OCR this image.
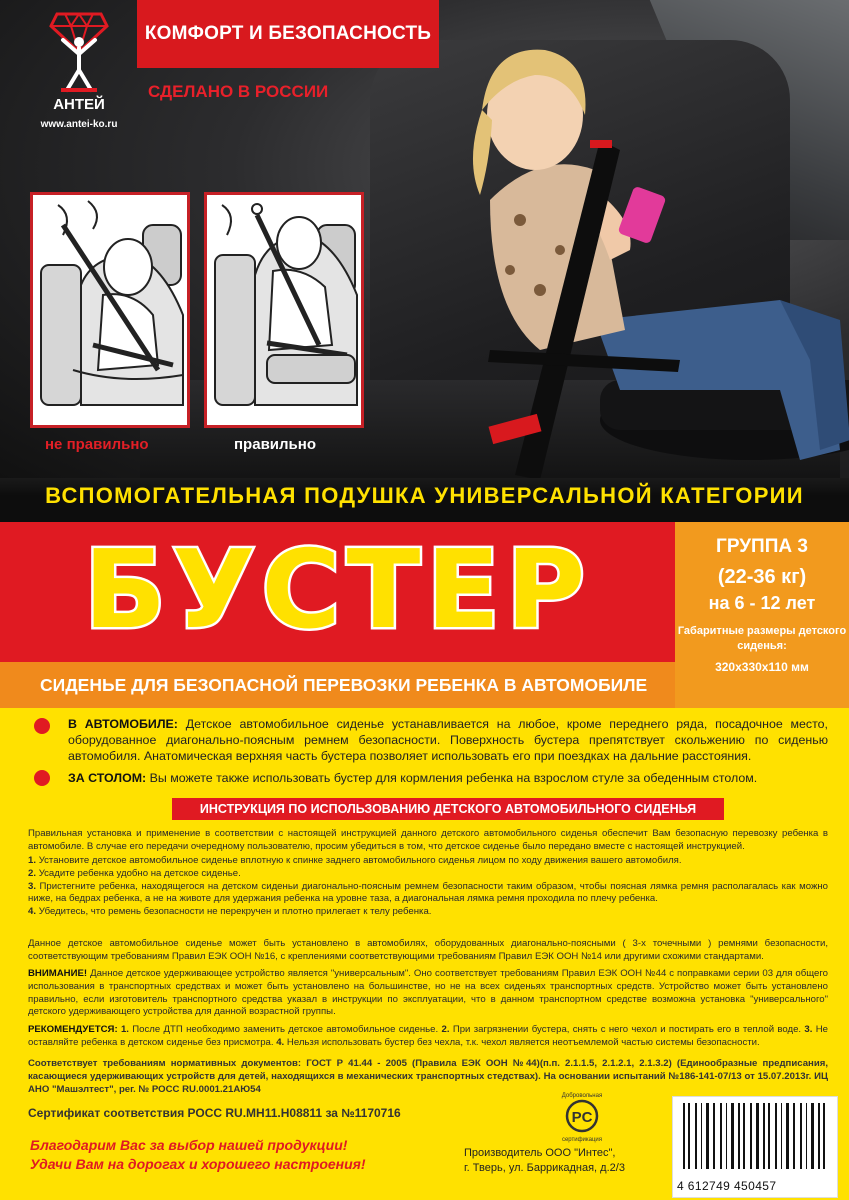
АНТЕЙ
www.antei-ko.ru
КОМФОРТ И БЕЗОПАСНОСТЬ
СДЕЛАНО В РОССИИ
не правильно	правильно
ВСПОМОГАТЕЛЬНАЯ ПОДУШКА УНИВЕРСАЛЬНОЙ КАТЕГОРИИ
БУСТЕР	ГРУППА 3
(22-36 кг)
на 6 - 12 лет
Габаритные размеры детского сиденья:
320x330x110 мм
СИДЕНЬЕ ДЛЯ БЕЗОПАСНОЙ ПЕРЕВОЗКИ РЕБЕНКА В АВТОМОБИЛЕ
В АВТОМОБИЛЕ: Детское автомобильное сиденье устанавливается на любое, кроме переднего ряда, посадочное место, оборудованное диагонально-поясным ремнем безопасности. Поверхность бустера препятствует скольжению по сиденью автомобиля. Анатомическая верхняя часть бустера позволяет использовать его при поездках на дальние расстояния.
ЗА СТОЛОМ: Вы можете также использовать бустер для кормления ребенка на взрослом стуле за обеденным столом.
ИНСТРУКЦИЯ ПО ИСПОЛЬЗОВАНИЮ ДЕТСКОГО АВТОМОБИЛЬНОГО СИДЕНЬЯ
Правильная установка и применение в соответствии с настоящей инструкцией данного детского автомобильного сиденья обеспечит Вам безопасную перевозку ребенка в автомобиле. В случае его передачи очередному пользователю, просим убедиться в том, что детское сиденье было передано вместе с настоящей инструкцией.
1. Установите детское автомобильное сиденье вплотную к спинке заднего автомобильного сиденья лицом по ходу движения вашего автомобиля.
2. Усадите ребенка удобно на детское сиденье.
3. Пристегните ребенка, находящегося на детском сиденьи диагонально-поясным ремнем безопасности таким образом, чтобы поясная лямка ремня располагалась как можно ниже, на бедрах ребенка, а не на животе для удержания ребенка на уровне таза, а диагональная лямка ремня проходила по плечу ребенка.
4. Убедитесь, что ремень безопасности не перекручен и плотно прилегает к телу ребенка.
Данное детское автомобильное сиденье может быть установлено в автомобилях, оборудованных диагонально-поясными ( 3-х точечными ) ремнями безопасности, соответствующим требованиям Правил ЕЭК ООН №16, с креплениями соответствующими требованиям Правил ЕЭК ООН №14 или другими схожими стандартами.
ВНИМАНИЕ! Данное детское удерживающее устройство является "универсальным". Оно соответствует требованиям Правил ЕЭК ООН №44 с поправками серии 03 для общего использования в транспортных средствах и может быть установлено на большинстве, но не на всех сиденьях транспортных средств. Устройство может быть установлено правильно, если изготовитель транспортного средства указал в инструкции по эксплуатации, что в данном транспортном средстве возможна установка "универсального" детского удерживающего устройства для данной возрастной группы.
РЕКОМЕНДУЕТСЯ: 1. После ДТП необходимо заменить детское автомобильное сиденье. 2. При загрязнении бустера, снять с него чехол и постирать его в теплой воде. 3. Не оставляйте ребенка в детском сиденье без присмотра. 4. Нельзя использовать бустер без чехла, т.к. чехол является неотъемлемой частью системы безопасности.
Соответствует требованиям нормативных документов: ГОСТ Р 41.44 - 2005 (Правила ЕЭК ООН №44)(п.п. 2.1.1.5, 2.1.2.1, 2.1.3.2) (Единообразные предписания, касающиеся удерживающих устройств для детей, находящихся в механических транспортных стедствах). На основании испытаний №186-141-07/13 от 15.07.2013г. ИЦ АНО "Машэлтест", рег. № РОСС RU.0001.21АЮ54
Сертификат соответствия РОСС RU.МН11.Н08811 за №1170716
Добровольная
PC
сертификация
Благодарим Вас за выбор нашей продукции!
Удачи Вам на дорогах и хорошего настроения!
Производитель ООО "Интес",
г. Тверь, ул. Баррикадная, д.2/3
4 612749 450457
